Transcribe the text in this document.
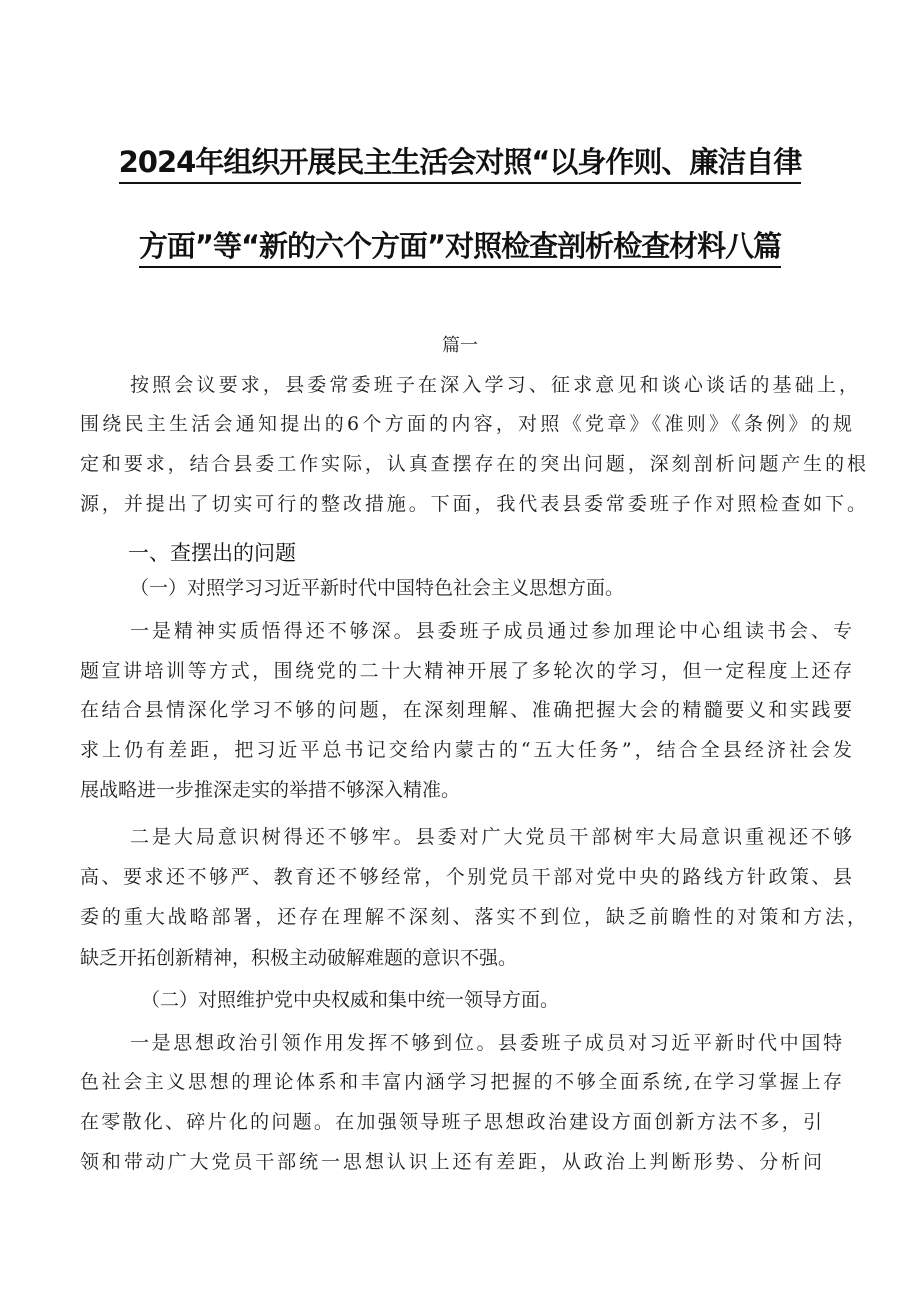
2024年组织开展民主生活会对照“以身作则、廉洁自律
方面”等“新的六个方面”对照检查剖析检查材料八篇
篇一
按照会议要求，县委常委班子在深入学习、征求意见和谈心谈话的基础上，
围绕民主生活会通知提出的6个方面的内容，对照《党章》《准则》《条例》的规
定和要求，结合县委工作实际，认真查摆存在的突出问题，深刻剖析问题产生的根
源，并提出了切实可行的整改措施。下面，我代表县委常委班子作对照检查如下。
一、查摆出的问题
（一）对照学习习近平新时代中国特色社会主义思想方面。
一是精神实质悟得还不够深。县委班子成员通过参加理论中心组读书会、专
题宣讲培训等方式，围绕党的二十大精神开展了多轮次的学习，但一定程度上还存
在结合县情深化学习不够的问题，在深刻理解、准确把握大会的精髓要义和实践要
求上仍有差距，把习近平总书记交给内蒙古的“五大任务”，结合全县经济社会发
展战略进一步推深走实的举措不够深入精准。
二是大局意识树得还不够牢。县委对广大党员干部树牢大局意识重视还不够
高、要求还不够严、教育还不够经常，个别党员干部对党中央的路线方针政策、县
委的重大战略部署，还存在理解不深刻、落实不到位，缺乏前瞻性的对策和方法，
缺乏开拓创新精神，积极主动破解难题的意识不强。
（二）对照维护党中央权威和集中统一领导方面。
一是思想政治引领作用发挥不够到位。县委班子成员对习近平新时代中国特
色社会主义思想的理论体系和丰富内涵学习把握的不够全面系统,在学习掌握上存
在零散化、碎片化的问题。在加强领导班子思想政治建设方面创新方法不多，引
领和带动广大党员干部统一思想认识上还有差距，从政治上判断形势、分析问
